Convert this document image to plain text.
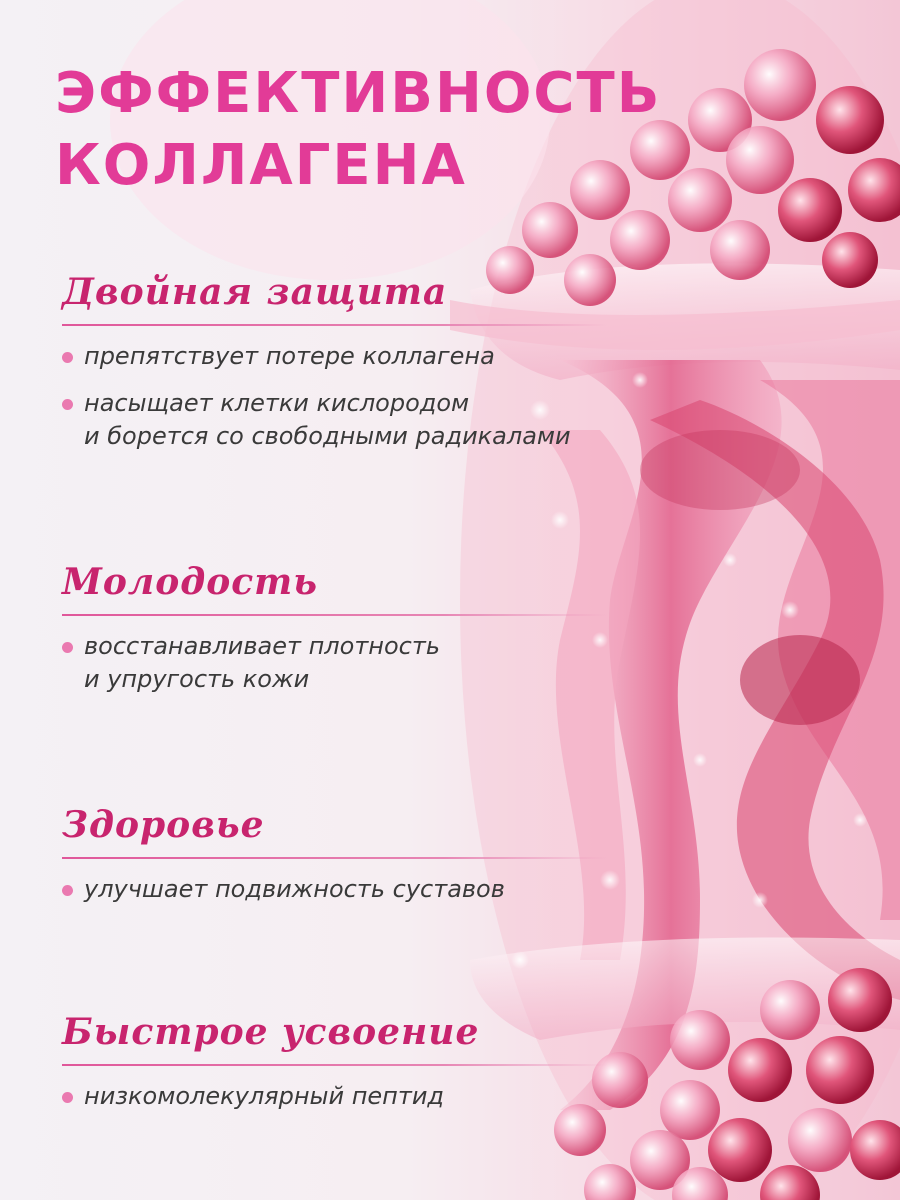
ЭФФЕКТИВНОСТЬ
КОЛЛАГЕНА
Двойная защита
препятствует потере коллагена
насыщает клетки кислородом
и борется со свободными радикалами
Молодость
восстанавливает плотность
и упругость кожи
Здоровье
улучшает подвижность суставов
Быстрое усвоение
низкомолекулярный пептид
